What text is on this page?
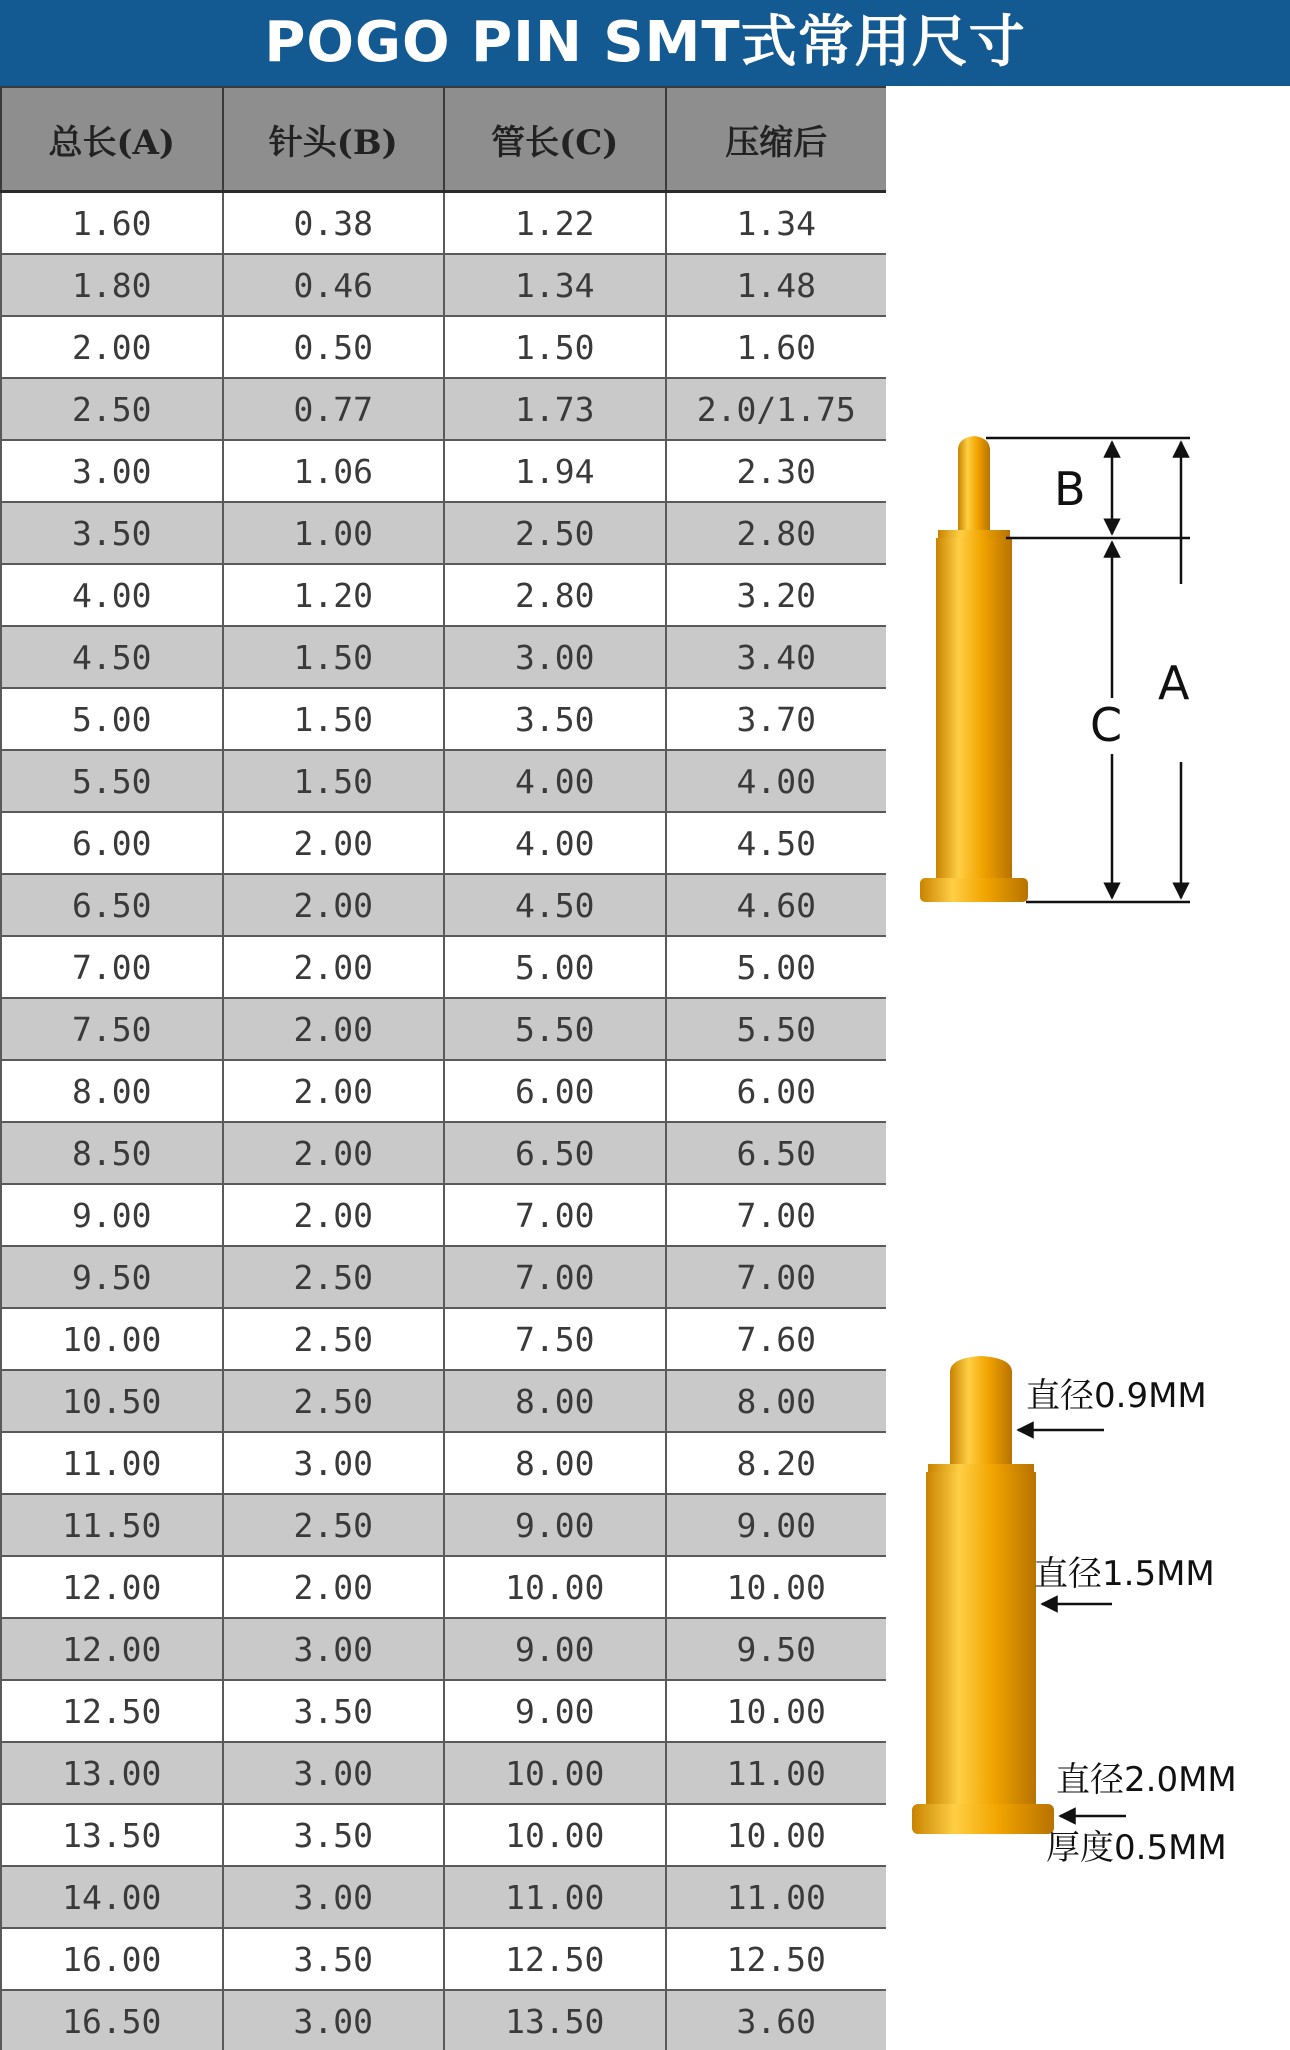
POGO PIN SMT式常用尺寸
总长(A)	针头(B)	管长(C)	压缩后
1.60	0.38	1.22	1.34
1.80	0.46	1.34	1.48
2.00	0.50	1.50	1.60
2.50	0.77	1.73	2.0/1.75
3.00	1.06	1.94	2.30
3.50	1.00	2.50	2.80
4.00	1.20	2.80	3.20
4.50	1.50	3.00	3.40
5.00	1.50	3.50	3.70
5.50	1.50	4.00	4.00
6.00	2.00	4.00	4.50
6.50	2.00	4.50	4.60
7.00	2.00	5.00	5.00
7.50	2.00	5.50	5.50
8.00	2.00	6.00	6.00
8.50	2.00	6.50	6.50
9.00	2.00	7.00	7.00
9.50	2.50	7.00	7.00
10.00	2.50	7.50	7.60
10.50	2.50	8.00	8.00
11.00	3.00	8.00	8.20
11.50	2.50	9.00	9.00
12.00	2.00	10.00	10.00
12.00	3.00	9.00	9.50
12.50	3.50	9.00	10.00
13.00	3.00	10.00	11.00
13.50	3.50	10.00	10.00
14.00	3.00	11.00	11.00
16.00	3.50	12.50	12.50
16.50	3.00	13.50	3.60
B
C
A
直径0.9MM
直径1.5MM
直径2.0MM
厚度0.5MM
